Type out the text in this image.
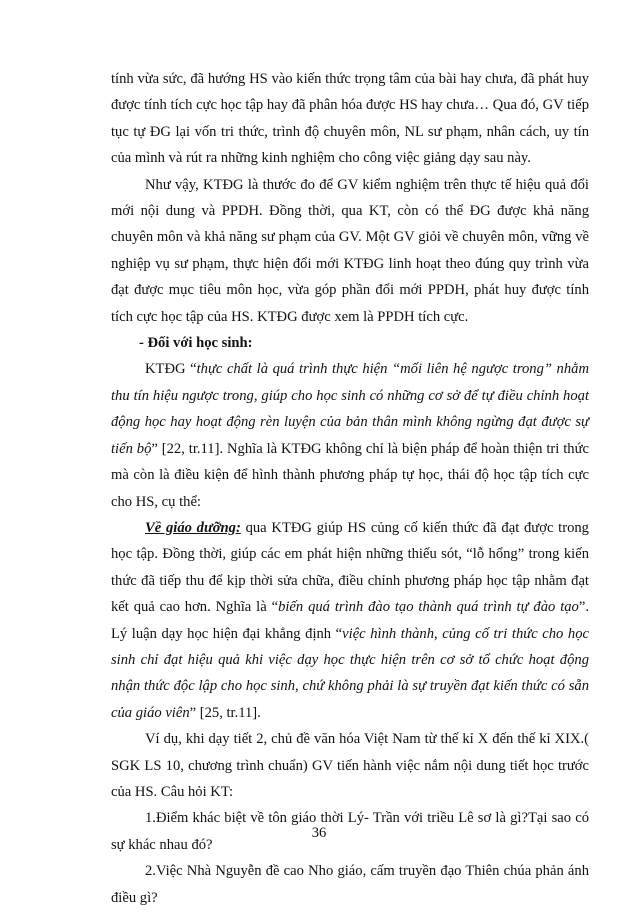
tính vừa sức, đã hướng HS vào kiến thức trọng tâm của bài hay chưa, đã phát huy được tính tích cực học tập hay đã phân hóa được HS hay chưa… Qua đó, GV tiếp tục tự ĐG lại vốn tri thức, trình độ chuyên môn, NL sư phạm, nhân cách, uy tín của mình và rút ra những kinh nghiệm cho công việc giảng dạy sau này.

Như vậy, KTĐG là thước đo để GV kiểm nghiệm trên thực tế hiệu quả đổi mới nội dung và PPDH. Đồng thời, qua KT, còn có thể ĐG được khả năng chuyên môn và khả năng sư phạm của GV. Một GV giỏi về chuyên môn, vững về nghiệp vụ sư phạm, thực hiện đổi mới KTĐG linh hoạt theo đúng quy trình vừa đạt được mục tiêu môn học, vừa góp phần đổi mới PPDH, phát huy được tính tích cực học tập của HS. KTĐG được xem là PPDH tích cực.

- Đối với học sinh:

KTĐG “thực chất là quá trình thực hiện “mối liên hệ ngược trong” nhằm thu tín hiệu ngược trong, giúp cho học sinh có những cơ sở để tự điều chỉnh hoạt động học hay hoạt động rèn luyện của bản thân mình không ngừng đạt được sự tiến bộ” [22, tr.11]. Nghĩa là KTĐG không chỉ là biện pháp để hoàn thiện tri thức mà còn là điều kiện để hình thành phương pháp tự học, thái độ học tập tích cực cho HS, cụ thể:

Về giáo dưỡng: qua KTĐG giúp HS củng cố kiến thức đã đạt được trong học tập. Đồng thời, giúp các em phát hiện những thiếu sót, “lỗ hổng” trong kiến thức đã tiếp thu để kịp thời sửa chữa, điều chỉnh phương pháp học tập nhằm đạt kết quả cao hơn. Nghĩa là “biến quá trình đào tạo thành quá trình tự đào tạo”. Lý luận dạy học hiện đại khẳng định “việc hình thành, củng cố tri thức cho học sinh chỉ đạt hiệu quả khi việc dạy học thực hiện trên cơ sở tổ chức hoạt động nhận thức độc lập cho học sinh, chứ không phải là sự truyền đạt kiến thức có sẵn của giáo viên” [25, tr.11].

Ví dụ, khi dạy tiết 2, chủ đề văn hóa Việt Nam từ thế kỉ X đến thế kỉ XIX.( SGK LS 10, chương trình chuẩn) GV tiến hành việc nắm nội dung tiết học trước của HS. Câu hỏi KT:

1.Điểm khác biệt về tôn giáo thời Lý- Trần với triều Lê sơ là gì?Tại sao có sự khác nhau đó?

2.Việc Nhà Nguyễn đề cao Nho giáo, cấm truyền đạo Thiên chúa phản ánh điều gì?

36
